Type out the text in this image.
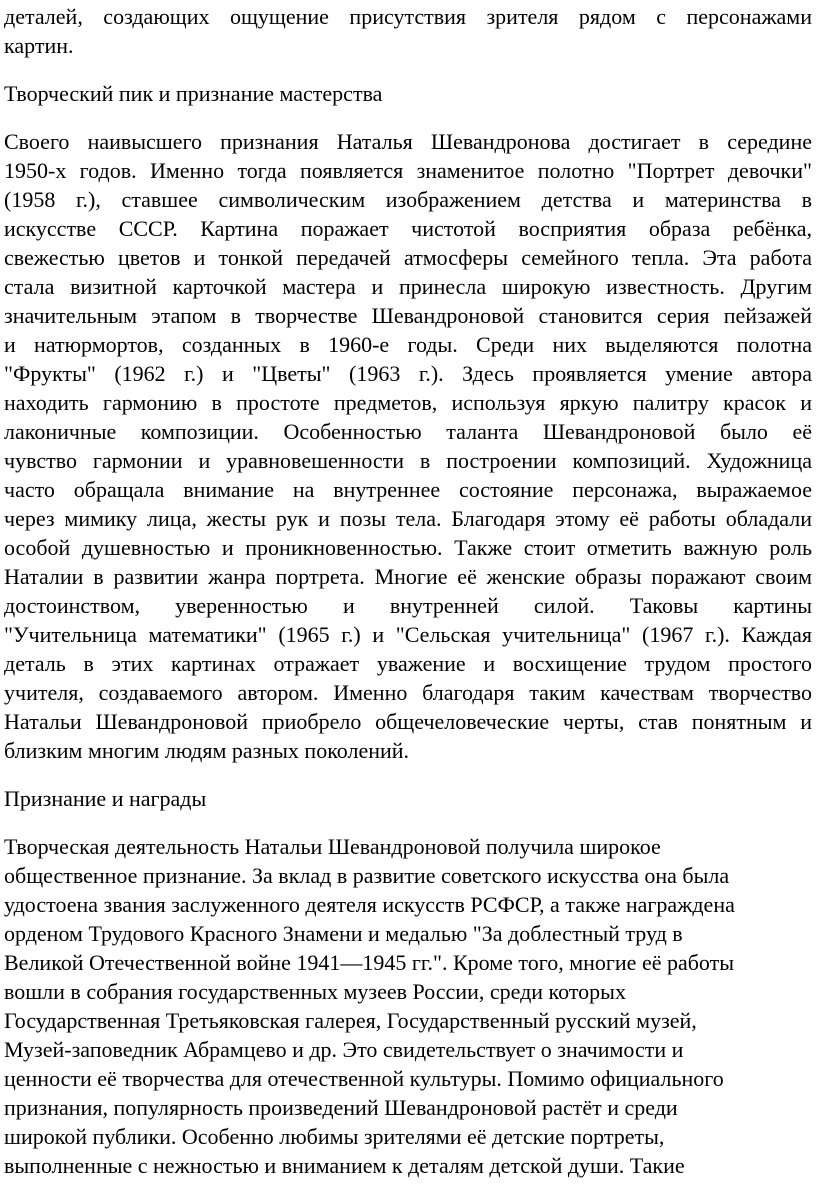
деталей, создающих ощущение присутствия зрителя рядом с персонажами
картин.
Творческий пик и признание мастерства
Своего наивысшего признания Наталья Шевандронова достигает в середине
1950-х годов. Именно тогда появляется знаменитое полотно "Портрет девочки"
(1958 г.), ставшее символическим изображением детства и материнства в
искусстве СССР. Картина поражает чистотой восприятия образа ребёнка,
свежестью цветов и тонкой передачей атмосферы семейного тепла. Эта работа
стала визитной карточкой мастера и принесла широкую известность. Другим
значительным этапом в творчестве Шевандроновой становится серия пейзажей
и натюрмортов, созданных в 1960-е годы. Среди них выделяются полотна
"Фрукты" (1962 г.) и "Цветы" (1963 г.). Здесь проявляется умение автора
находить гармонию в простоте предметов, используя яркую палитру красок и
лаконичные композиции. Особенностью таланта Шевандроновой было её
чувство гармонии и уравновешенности в построении композиций. Художница
часто обращала внимание на внутреннее состояние персонажа, выражаемое
через мимику лица, жесты рук и позы тела. Благодаря этому её работы обладали
особой душевностью и проникновенностью. Также стоит отметить важную роль
Наталии в развитии жанра портрета. Многие её женские образы поражают своим
достоинством, уверенностью и внутренней силой. Таковы картины
"Учительница математики" (1965 г.) и "Сельская учительница" (1967 г.). Каждая
деталь в этих картинах отражает уважение и восхищение трудом простого
учителя, создаваемого автором. Именно благодаря таким качествам творчество
Натальи Шевандроновой приобрело общечеловеческие черты, став понятным и
близким многим людям разных поколений.
Признание и награды
Творческая деятельность Натальи Шевандроновой получила широкое
общественное признание. За вклад в развитие советского искусства она была
удостоена звания заслуженного деятеля искусств РСФСР, а также награждена
орденом Трудового Красного Знамени и медалью "За доблестный труд в
Великой Отечественной войне 1941—1945 гг.". Кроме того, многие её работы
вошли в собрания государственных музеев России, среди которых
Государственная Третьяковская галерея, Государственный русский музей,
Музей-заповедник Абрамцево и др. Это свидетельствует о значимости и
ценности её творчества для отечественной культуры. Помимо официального
признания, популярность произведений Шевандроновой растёт и среди
широкой публики. Особенно любимы зрителями её детские портреты,
выполненные с нежностью и вниманием к деталям детской души. Такие
